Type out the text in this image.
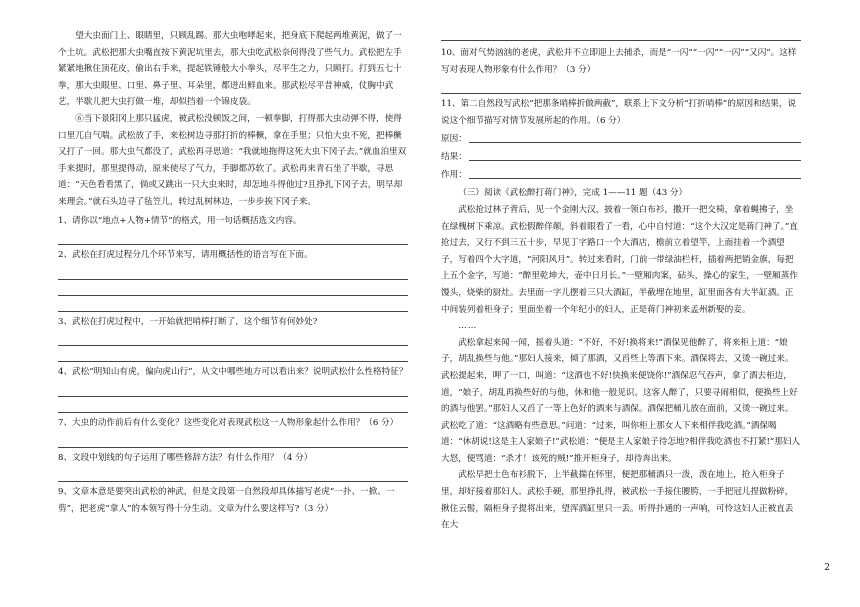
望大虫面门上、眼睛里，只顾乱踢。那大虫咆哮起来，把身底下爬起两堆黄泥，做了一个土坑。武松把那大虫嘴直按下黄泥坑里去，那大虫吃武松奈何得没了些气力。武松把左手紧紧地揪住顶花皮，偷出右手来，提起铁锤般大小拳头，尽平生之力，只顾打。打到五七十拳，那大虫眼里、口里、鼻子里、耳朵里，都迸出鲜血来。那武松尽平昔神威，仗胸中武艺，半歇儿把大虫打做一堆，却似挡着一个锦皮袋。

⑥当下景阳冈上那只猛虎，被武松没顿饭之间，一顿拳脚，打得那大虫动弹不得，使得口里兀自气喘。武松放了手，来松树边寻那打折的棒橛，拿在手里；只怕大虫不死，把棒橛又打了一回。那大虫气都没了，武松再寻思道：“我就地拖得这死大虫下冈子去。”就血泊里双手来提时，那里提得动，原来使尽了气力，手脚都苏软了。武松再来青石坐了半歇，寻思道：“天色看看黑了，倘或又跳出一只大虫来时，却怎地斗得他过?且挣扎下冈子去，明早却来理会。”就石头边寻了毡笠儿，转过乱树林边，一步步挨下冈子来。

1、请你以“地点+人物+情节”的格式，用一句话概括选文内容。

2、武松在打虎过程分几个环节来写，请用概括性的语言写在下面。

3、武松在打虎过程中，一开始就把哨棒打断了，这个细节有何妙处?

4、武松“明知山有虎，偏向虎山行”，从文中哪些地方可以看出来？说明武松什么性格特征？

7、大虫的动作前后有什么变化？这些变化对表现武松这一人物形象起什么作用？（6 分）

8、文段中划线的句子运用了哪些修辞方法？有什么作用？（4 分）

9、文章本意是要突出武松的神武，但是文段第一自然段却具体描写老虎“一扑、一掀、一剪”，把老虎“拿人”的本领写得十分生动。文章为什么要这样写?（3 分）

10、面对气势汹汹的老虎，武松并不立即迎上去捕杀，而是“一闪”“一闪”“一闪”“又闪”。这样写对表现人物形象有什么作用？（3 分）

11、第二自然段写武松“把那条哨棒折做两截”，联系上下文分析“打折哨棒”的原因和结果，说说这个细节描写对情节发展所起的作用。（6 分）

原因：
结果：
作用：

（三）阅读《武松醉打蒋门神》，完成 1——11 题（43 分）

武松抢过林子背后，见一个金刚大汉，披着一领白布衫，撒开一把交椅，拿着蝇拂子，坐在绿槐树下乘凉。武松假醉佯颠，斜着眼看了一看，心中自忖道：“这个大汉定是蒋门神了。”直抢过去，又行不到三五十步，早见丁字路口一个大酒店，檐前立着望竿，上面挂着一个酒望子，写着四个大字道，“河阳风月”。转过来看时，门前一带绿油栏杆，插着两把销金旗，每把上五个金字，写道：“醉里乾坤大，壶中日月长。”一壁厢肉案，砧头，操心的家生，一壁厢蒸作馒头，烧柴的厨灶。去里面一字儿摆着三只大酒缸，半截埋在地里，缸里面各有大半缸酒。正中间装列着柜身子；里面坐着一个年纪小的妇人，正是蒋门神初来孟州新娶的妾。

……

武松拿起来闻一闻，摇着头道：“不好，不好!换将来!”酒保见他醉了，将来柜上道：“娘子，胡乱换些与他。”那妇人接来，倾了那酒，又舀些上等酒下来。酒保将去，又烫一碗过来。武松提起来，呷了一口，叫道：“这酒也不好!快换来便饶你!”酒保忍气吞声，拿了酒去柜边，道，“娘子，胡乱再换些好的与他，休和他一般见识。这客人醉了，只要寻闹相似，便换些上好的酒与他罢。”那妇人又舀了一等上色好的酒来与酒保。酒保把桶儿放在面前，又烫一碗过来。武松吃了道：“这酒略有些意思。”问道：“过来，叫你柜上那女人下来相伴我吃酒。”酒保喝道：“休胡说!这是主人家娘子!”武松道：“便是主人家娘子待怎地?相伴我吃酒也不打紧!”那妇人大怒，便骂道：“杀才！该死的贼!”推开柜身子，却待奔出来。

武松早把土色布衫脱下，上半截揣在怀里，便把那桶酒只一泼，泼在地上，抢入柜身子里，却好接着那妇人。武松手硬，那里挣扎得，被武松一手接住腰胯，一手把冠儿捏做粉碎，揪住云髻，隔柜身子提将出来，望浑酒缸里只一丢。听得扑通的一声响，可怜这妇人正被直丢在大

2
